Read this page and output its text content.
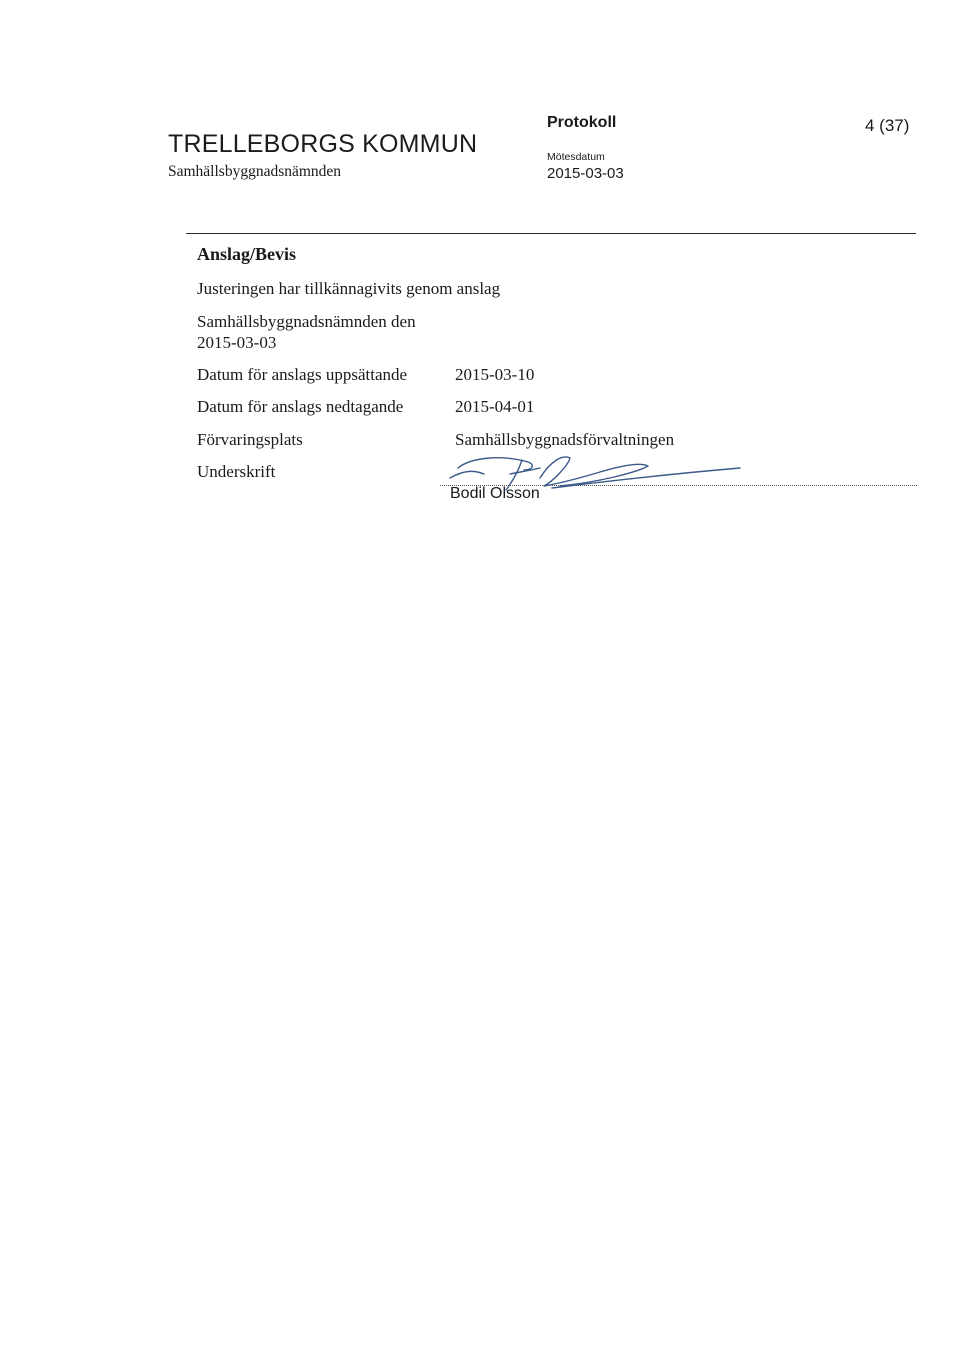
TRELLEBORGS KOMMUN
Samhällsbyggnadsnämnden
Protokoll
Mötesdatum
2015-03-03
4 (37)
Anslag/Bevis
Justeringen har tillkännagivits genom anslag
Samhällsbyggnadsnämnden den
2015-03-03
Datum för anslags uppsättande	2015-03-10
Datum för anslags nedtagande	2015-04-01
Förvaringsplats	Samhällsbyggnadsförvaltningen
Underskrift
Bodil Olsson
